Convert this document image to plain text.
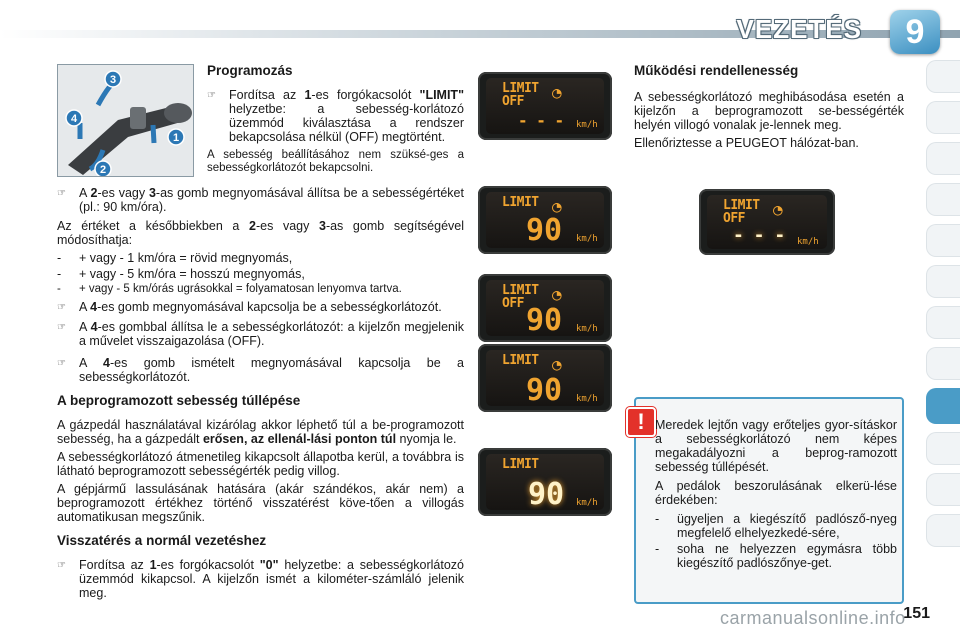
VEZETÉS	9
1
2
3
4
Programozás
☞	Fordítsa az 1-es forgókacsolót "LIMIT" helyzetbe: a sebesség-korlátozó üzemmód kiválasztása a rendszer bekapcsolása nélkül (OFF) megtörtént.

A sebesség beállításához nem szüksé-ges a sebességkorlátozót bekapcsolni.

☞	A 2-es vagy 3-as gomb megnyomásával állítsa be a sebességértéket (pl.: 90 km/óra).

Az értéket a későbbiekben a 2-es vagy 3-as gomb segítségével módosíthatja:

-	+ vagy - 1 km/óra = rövid megnyomás,
-	+ vagy - 5 km/óra = hosszú megnyomás,
-	+ vagy - 5 km/órás ugrásokkal = folyamatosan lenyomva tartva.
☞	A 4-es gomb megnyomásával kapcsolja be a sebességkorlátozót.
☞	A 4-es gombbal állítsa le a sebességkorlátozót: a kijelzőn megjelenik a művelet visszaigazolása (OFF).
☞	A 4-es gomb ismételt megnyomásával kapcsolja be a sebességkorlátozót.
A beprogramozott sebesség túllépése

A gázpedál használatával kizárólag akkor léphető túl a be-programozott sebesség, ha a gázpedált erősen, az ellenál-lási ponton túl nyomja le.

A sebességkorlátozó átmenetileg kikapcsolt állapotba kerül, a továbbra is látható beprogramozott sebességérték pedig villog.

A gépjármű lassulásának hatására (akár szándékos, akár nem) a beprogramozott értékhez történő visszatérést köve-tően a villogás automatikusan megszűnik.

Visszatérés a normál vezetéshez
☞	Fordítsa az 1-es forgókacsolót "0" helyzetbe: a sebességkorlátozó üzemmód kikapcsol. A kijelzőn ismét a kilométer-számláló jelenik meg.
LIMIT
OFF ◔
- - - km/h
LIMIT ◔
90 km/h
LIMIT
OFF ◔
90 km/h
LIMIT ◔
90 km/h
LIMIT
90 km/h
Működési rendellenesség

A sebességkorlátozó meghibásodása esetén a kijelzőn a beprogramozott se-bességérték helyén villogó vonalak je-lennek meg.

Ellenőriztesse a PEUGEOT hálózat-ban.

LIMIT
OFF ◔
- - - km/h
! Meredek lejtőn vagy erőteljes gyor-sításkor a sebességkorlátozó nem képes megakadályozni a beprog-ramozott sebesség túllépését.

A pedálok beszorulásának elkerü-lése érdekében:

-	ügyeljen a kiegészítő padlósző-nyeg megfelelő elhelyezkedé-sére,
-	soha ne helyezzen egymásra több kiegészítő padlószőnye-get.
carmanualsonline.info
151
